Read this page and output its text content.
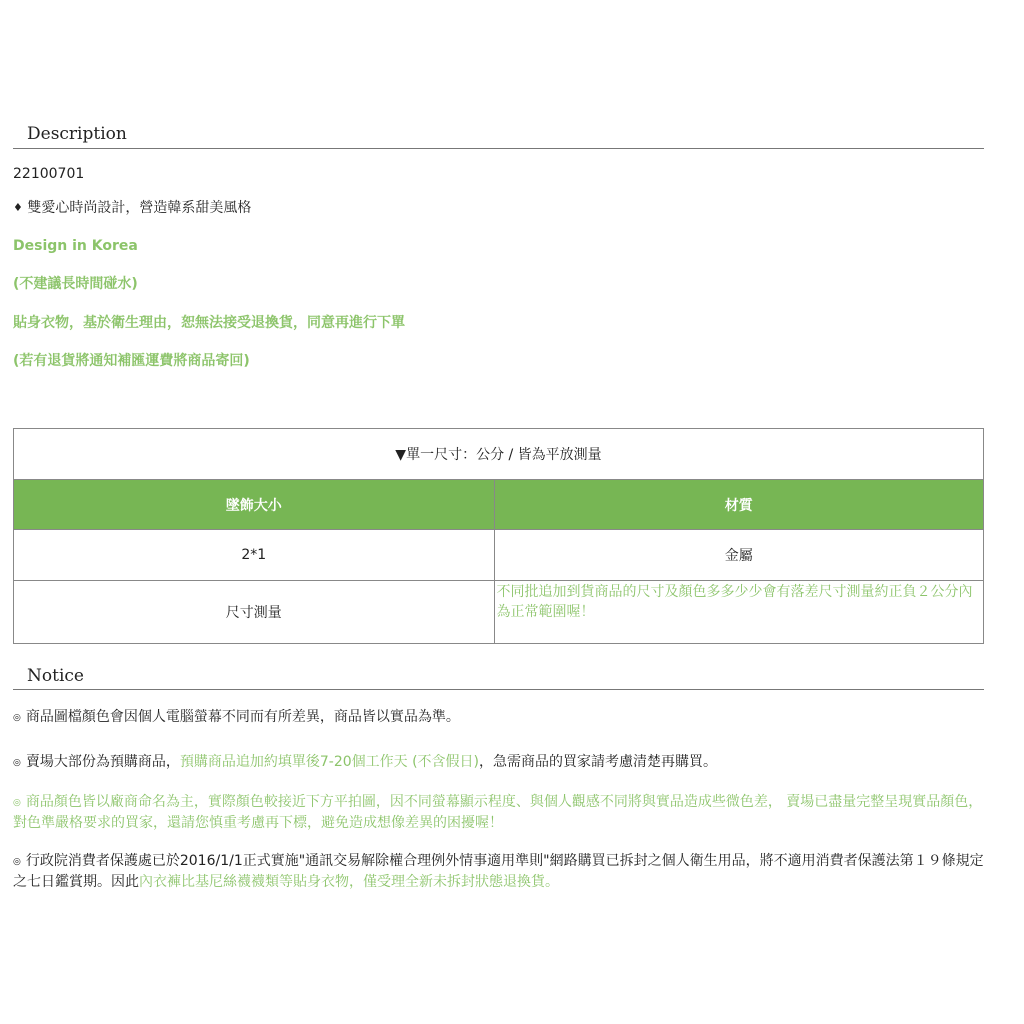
Description
22100701
♦ 雙愛心時尚設計，營造韓系甜美風格
Design in Korea
(不建議長時間碰水)
貼身衣物，基於衛生理由，恕無法接受退換貨，同意再進行下單
(若有退貨將通知補匯運費將商品寄回)
▼單一尺寸：公分 / 皆為平放測量	
墜飾大小	材質
2*1	金屬
尺寸測量	不同批追加到貨商品的尺寸及顏色多多少少會有落差尺寸測量約正負２公分內為正常範圍喔！
Notice
◎ 商品圖檔顏色會因個人電腦螢幕不同而有所差異，商品皆以實品為準。
◎ 賣場大部份為預購商品，預購商品追加約填單後7-20個工作天 (不含假日)，急需商品的買家請考慮清楚再購買。
◎ 商品顏色皆以廠商命名為主，實際顏色較接近下方平拍圖，因不同螢幕顯示程度、與個人觀感不同將與實品造成些微色差， 賣場已盡量完整呈現實品顏色，對色準嚴格要求的買家，還請您慎重考慮再下標，避免造成想像差異的困擾喔！
◎ 行政院消費者保護處已於2016/1/1正式實施"通訊交易解除權合理例外情事適用準則"網路購買已拆封之個人衛生用品，將不適用消費者保護法第１９條規定之七日鑑賞期。因此內衣褲比基尼絲襪襪類等貼身衣物，僅受理全新未拆封狀態退換貨。
